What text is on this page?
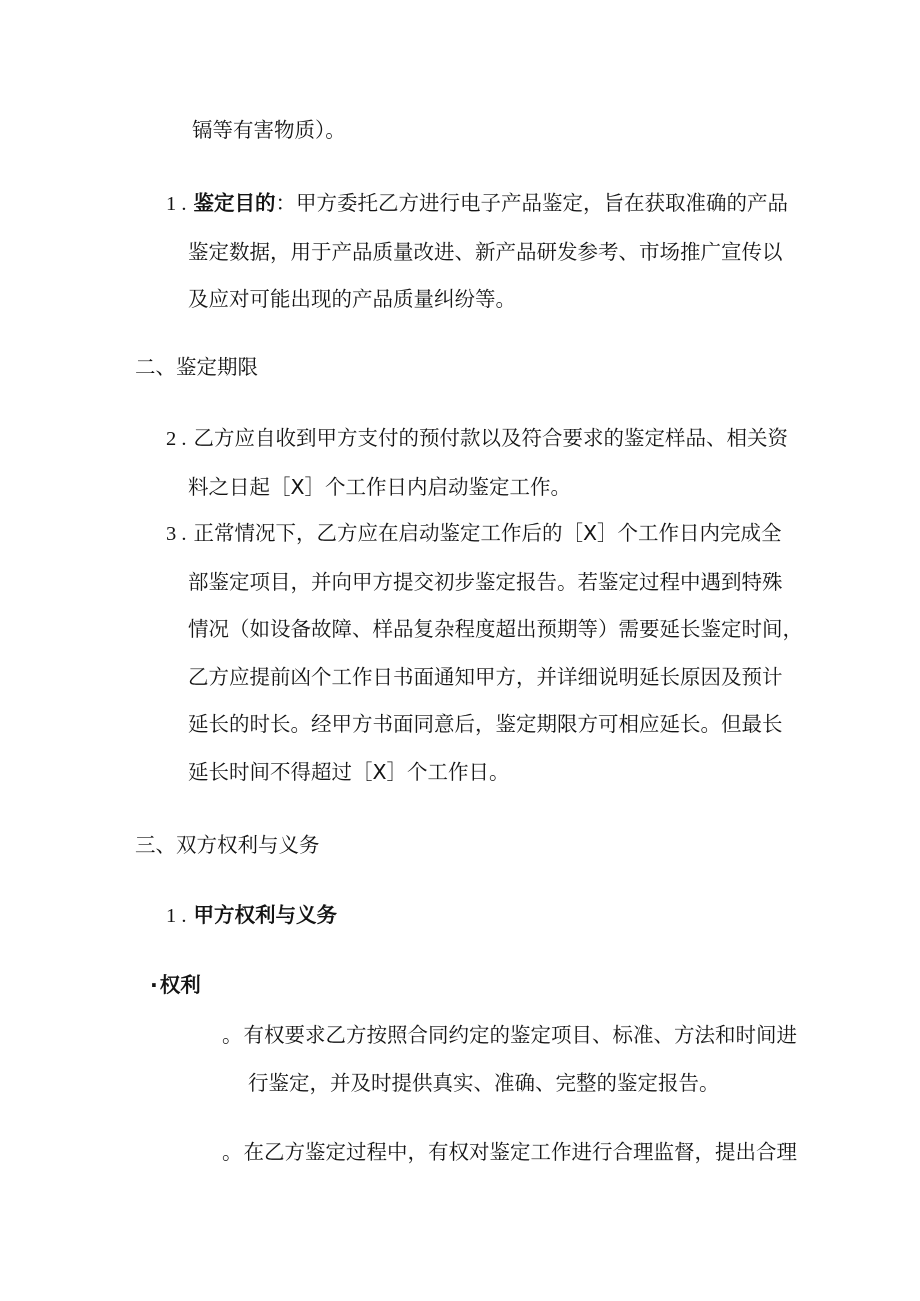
镉等有害物质）。
1 . 鉴定目的：甲方委托乙方进行电子产品鉴定，旨在获取准确的产品
鉴定数据，用于产品质量改进、新产品研发参考、市场推广宣传以
及应对可能出现的产品质量纠纷等。
二、鉴定期限
2 . 乙方应自收到甲方支付的预付款以及符合要求的鉴定样品、相关资
料之日起［X］个工作日内启动鉴定工作。
3 . 正常情况下，乙方应在启动鉴定工作后的［X］个工作日内完成全
部鉴定项目，并向甲方提交初步鉴定报告。若鉴定过程中遇到特殊
情况（如设备故障、样品复杂程度超出预期等）需要延长鉴定时间，
乙方应提前凶个工作日书面通知甲方，并详细说明延长原因及预计
延长的时长。经甲方书面同意后，鉴定期限方可相应延长。但最长
延长时间不得超过［X］个工作日。
三、双方权利与义务
1 . 甲方权利与义务
·权利
。有权要求乙方按照合同约定的鉴定项目、标准、方法和时间进
行鉴定，并及时提供真实、准确、完整的鉴定报告。
。在乙方鉴定过程中，有权对鉴定工作进行合理监督，提出合理
